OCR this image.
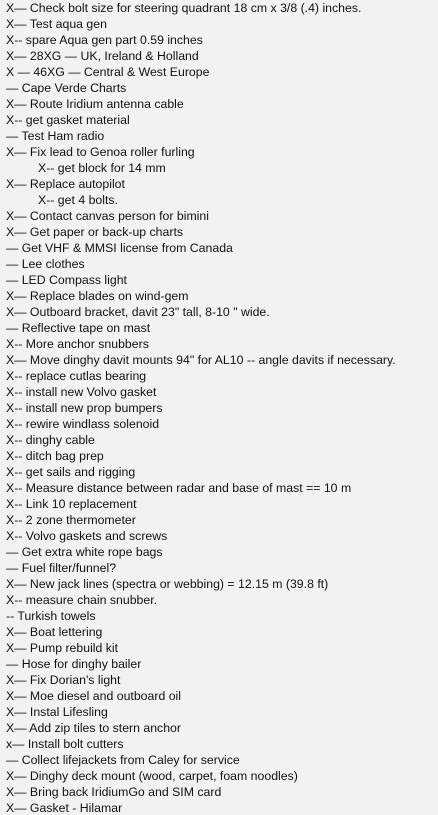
X— Check bolt size for steering quadrant 18 cm x 3/8 (.4) inches.
X— Test aqua gen
X-- spare Aqua gen part 0.59 inches
X— 28XG — UK, Ireland & Holland
X — 46XG — Central & West Europe
— Cape Verde Charts
X— Route Iridium antenna cable
X-- get gasket material
— Test Ham radio
X— Fix lead to Genoa roller furling
X-- get block for 14 mm
X— Replace autopilot
X-- get 4 bolts.
X— Contact canvas person for bimini
X— Get paper or back-up charts
— Get VHF & MMSI license from Canada
— Lee clothes
— LED Compass light
X— Replace blades on wind-gem
X— Outboard bracket, davit 23" tall, 8-10 " wide.
— Reflective tape on mast
X-- More anchor snubbers
X— Move dinghy davit mounts 94" for AL10 -- angle davits if necessary.
X-- replace cutlas bearing
X-- install new Volvo gasket
X-- install new prop bumpers
X-- rewire windlass solenoid
X-- dinghy cable
X-- ditch bag prep
X-- get sails and rigging
X-- Measure distance between radar and base of mast == 10 m
X-- Link 10 replacement
X-- 2 zone thermometer
X-- Volvo gaskets and screws
— Get extra white rope bags
— Fuel filter/funnel?
X— New jack lines (spectra or webbing) = 12.15 m (39.8 ft)
X-- measure chain snubber.
-- Turkish towels
X— Boat lettering
X— Pump rebuild kit
— Hose for dinghy bailer
X— Fix Dorian's light
X— Moe diesel and outboard oil
X— Instal Lifesling
X— Add zip tiles to stern anchor
x— Install bolt cutters
— Collect lifejackets from Caley for service
X— Dinghy deck mount (wood, carpet, foam noodles)
X— Bring back IridiumGo and SIM card
X— Gasket - Hilamar
